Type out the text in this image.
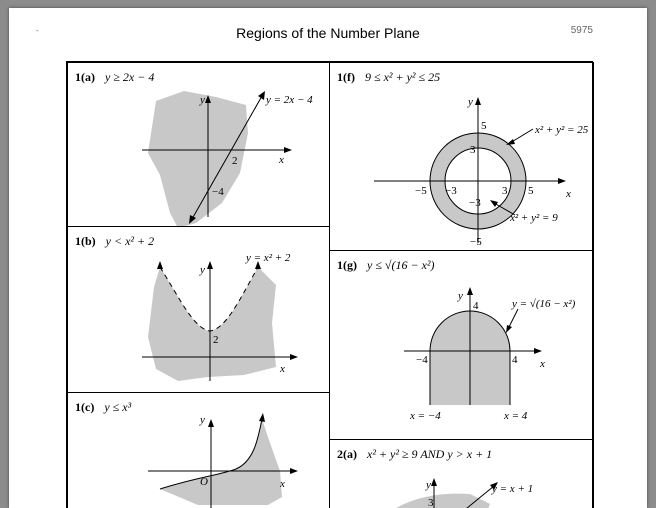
-	Regions of the Number Plane	5975
1(a) y ≥ 2x − 4
y
x
2
−4
y = 2x − 4
1(b) y < x² + 2
y
x
2
y = x² + 2
1(c) y ≤ x³
y
x
O
1(f) 9 ≤ x² + y² ≤ 25
y
x
5
−5
3
−3
5
−5	3
−3
x² + y² = 25
x² + y² = 9
1(g) y ≤ √(16 − x²)
y
x
4
−4	4
y = √(16 − x²)
x = −4	x = 4
2(a) x² + y² ≥ 9 AND y > x + 1
y
3
y = x + 1
